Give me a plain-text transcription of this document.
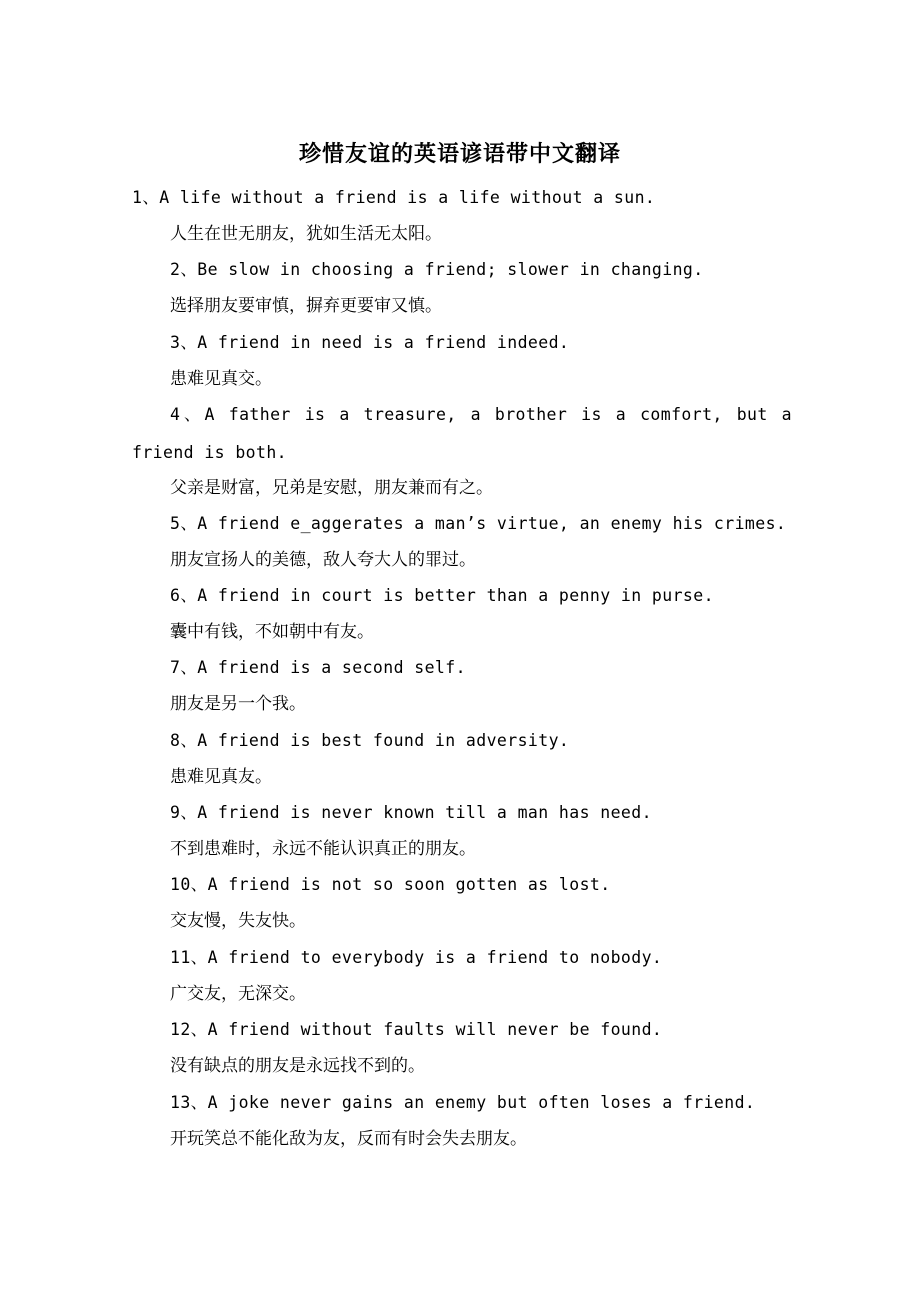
珍惜友谊的英语谚语带中文翻译
1、A life without a friend is a life without a sun.
人生在世无朋友，犹如生活无太阳。
2、Be slow in choosing a friend; slower in changing.
选择朋友要审慎，摒弃更要审又慎。
3、A friend in need is a friend indeed.
患难见真交。
4、A father is a treasure, a brother is a comfort, but a friend is both.
父亲是财富，兄弟是安慰，朋友兼而有之。
5、A friend e_aggerates a man’s virtue, an enemy his crimes.
朋友宣扬人的美德，敌人夸大人的罪过。
6、A friend in court is better than a penny in purse.
囊中有钱，不如朝中有友。
7、A friend is a second self.
朋友是另一个我。
8、A friend is best found in adversity.
患难见真友。
9、A friend is never known till a man has need.
不到患难时，永远不能认识真正的朋友。
10、A friend is not so soon gotten as lost.
交友慢，失友快。
11、A friend to everybody is a friend to nobody.
广交友，无深交。
12、A friend without faults will never be found.
没有缺点的朋友是永远找不到的。
13、A joke never gains an enemy but often loses a friend.
开玩笑总不能化敌为友，反而有时会失去朋友。
